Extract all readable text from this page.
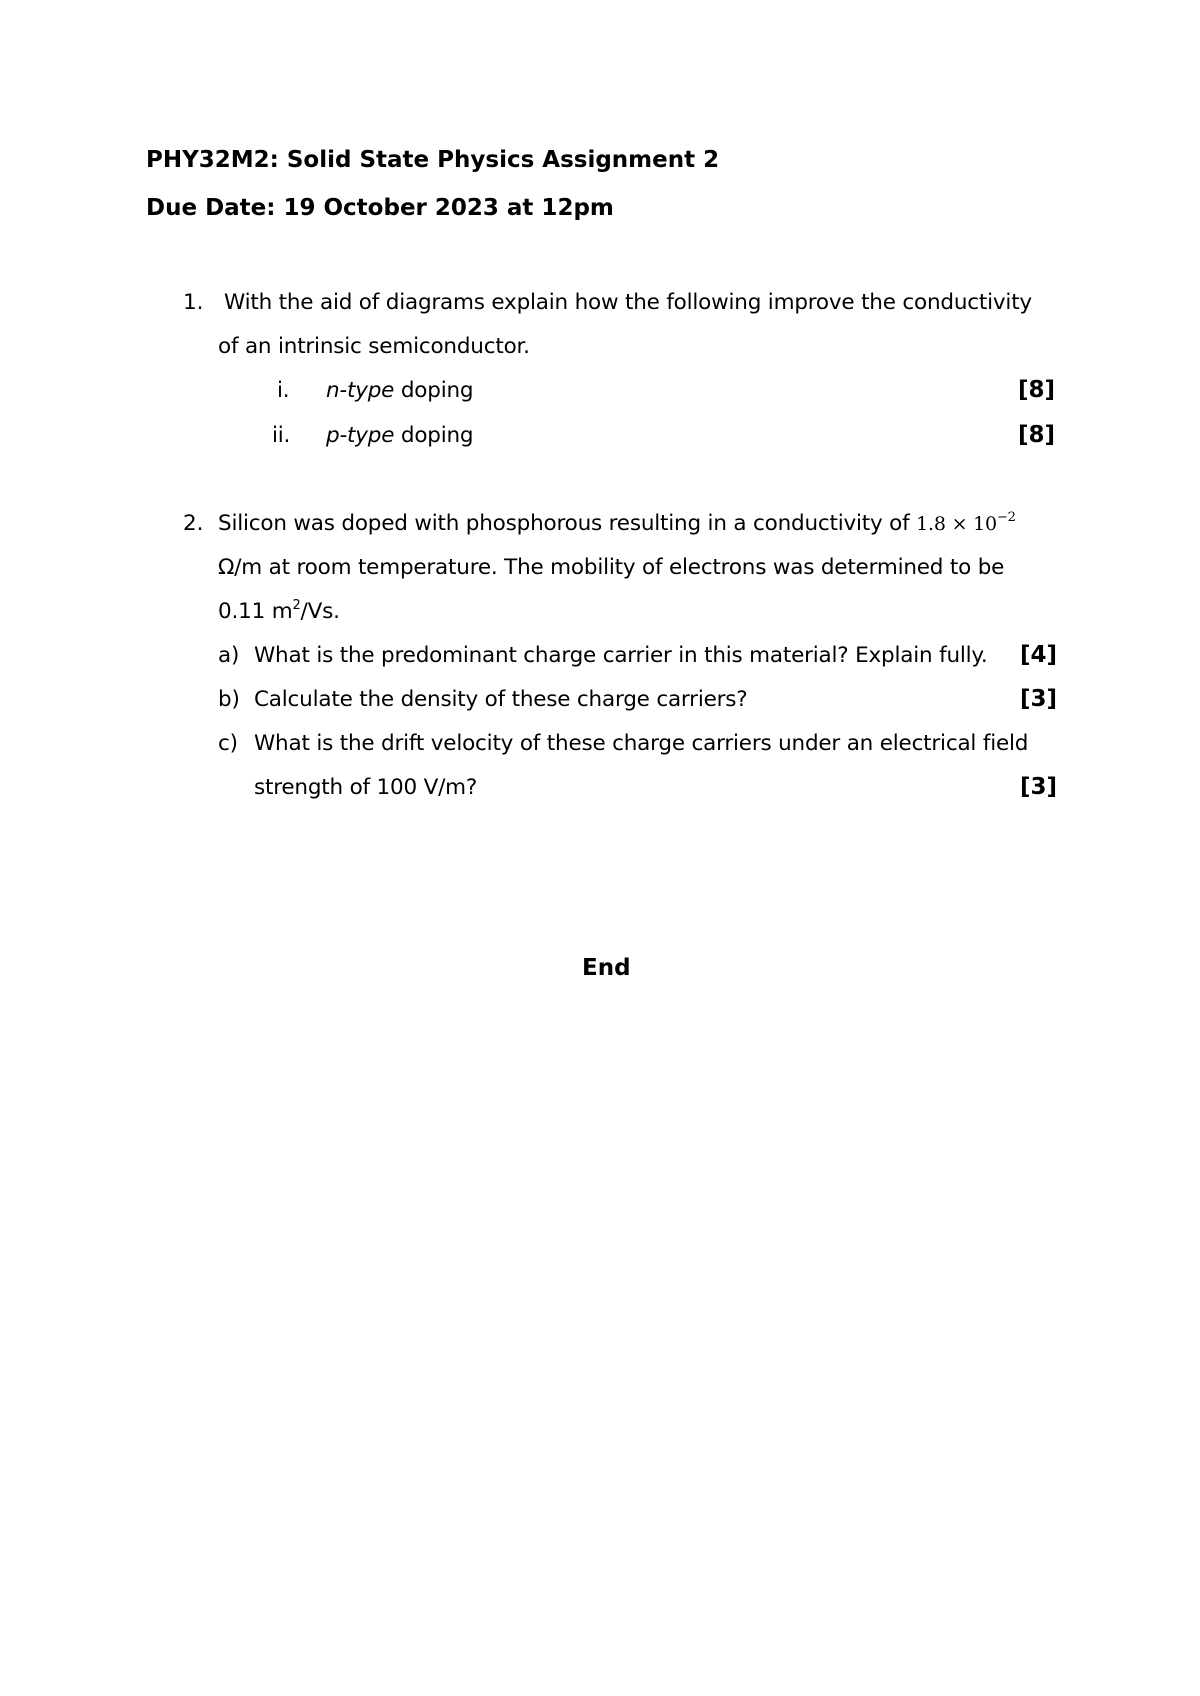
PHY32M2: Solid State Physics Assignment 2
Due Date: 19 October 2023 at 12pm
1. With the aid of diagrams explain how the following improve the conductivity
of an intrinsic semiconductor.
i. n-type doping	[8]
ii. p-type doping	[8]
2. Silicon was doped with phosphorous resulting in a conductivity of $1.8 \times 10^{-2}$
Ω/m at room temperature. The mobility of electrons was determined to be
0.11 $m^2/Vs$.
a) What is the predominant charge carrier in this material? Explain fully. [4]
b) Calculate the density of these charge carriers?	[3]
c) What is the drift velocity of these charge carriers under an electrical field
strength of 100 V/m?	[3]
End
